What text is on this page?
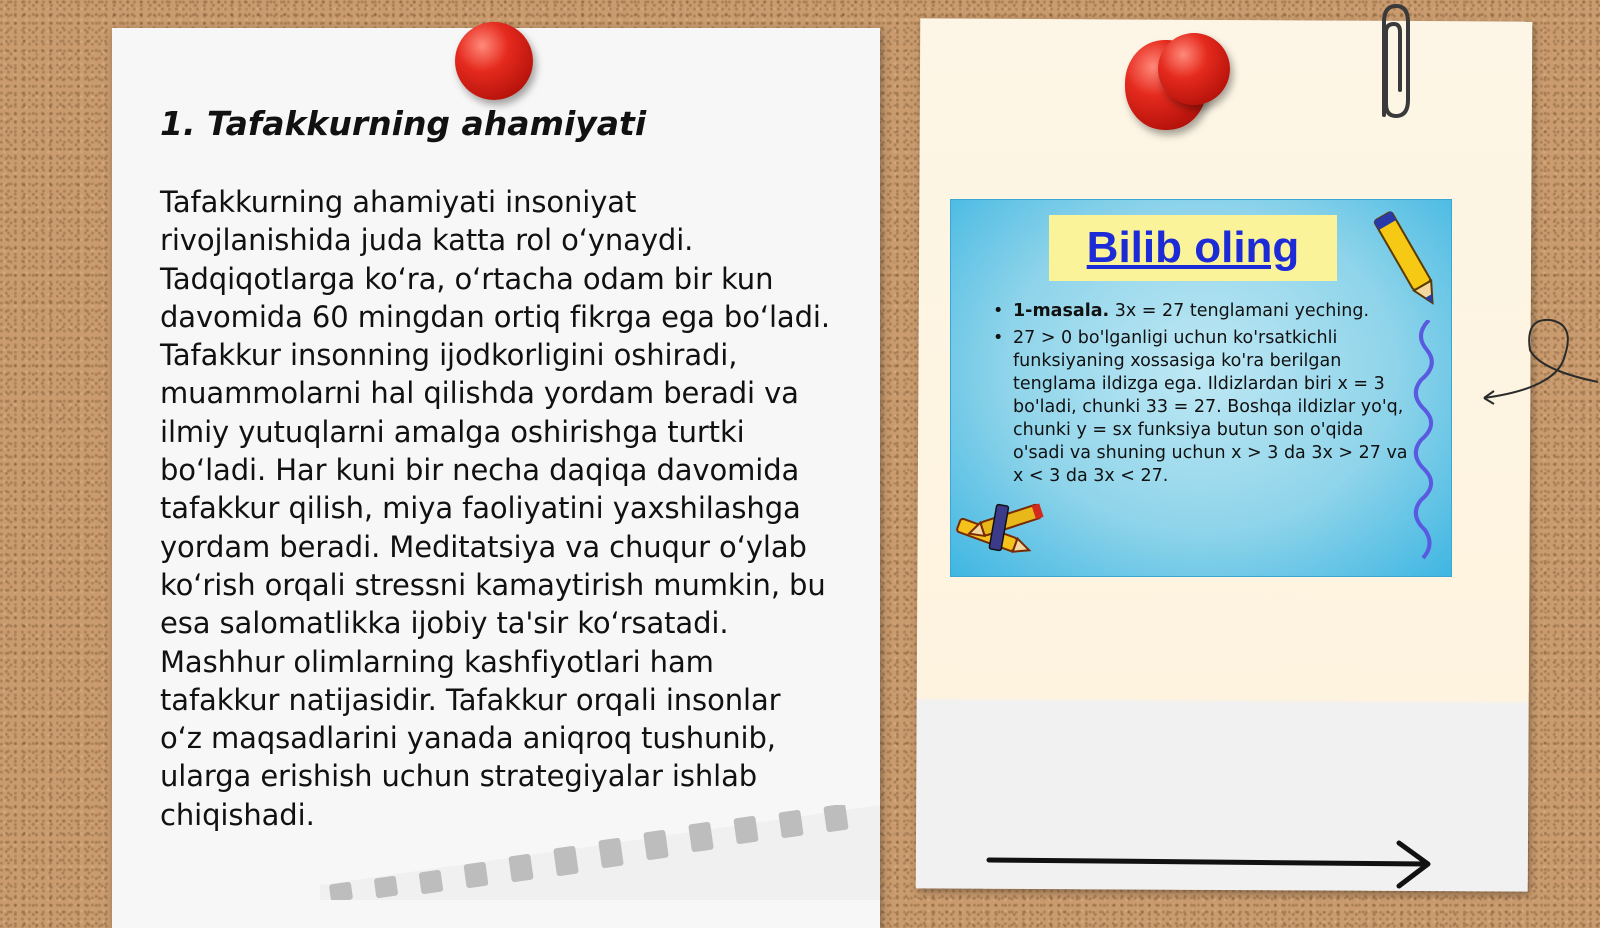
1. Tafakkurning ahamiyati

Tafakkurning ahamiyati insoniyat rivojlanishida juda katta rol o‘ynaydi. Tadqiqotlarga ko‘ra, o‘rtacha odam bir kun davomida 60 mingdan ortiq fikrga ega bo‘ladi. Tafakkur insonning ijodkorligini oshiradi, muammolarni hal qilishda yordam beradi va ilmiy yutuqlarni amalga oshirishga turtki bo‘ladi. Har kuni bir necha daqiqa davomida tafakkur qilish, miya faoliyatini yaxshilashga yordam beradi. Meditatsiya va chuqur o‘ylab ko‘rish orqali stressni kamaytirish mumkin, bu esa salomatlikka ijobiy ta'sir ko‘rsatadi. Mashhur olimlarning kashfiyotlari ham tafakkur natijasidir. Tafakkur orqali insonlar o‘z maqsadlarini yanada aniqroq tushunib, ularga erishish uchun strategiyalar ishlab chiqishadi.

Bilib oling
• 1-masala. 3x = 27 tenglamani yeching.
• 27 > 0 bo'lganligi uchun ko'rsatkichli funksiyaning xossasiga ko'ra berilgan tenglama ildizga ega. Ildizlardan biri x = 3 bo'ladi, chunki 33 = 27. Boshqa ildizlar yo'q, chunki y = sx funksiya butun son o'qida o'sadi va shuning uchun x > 3 da 3x > 27 va x < 3 da 3x < 27.
